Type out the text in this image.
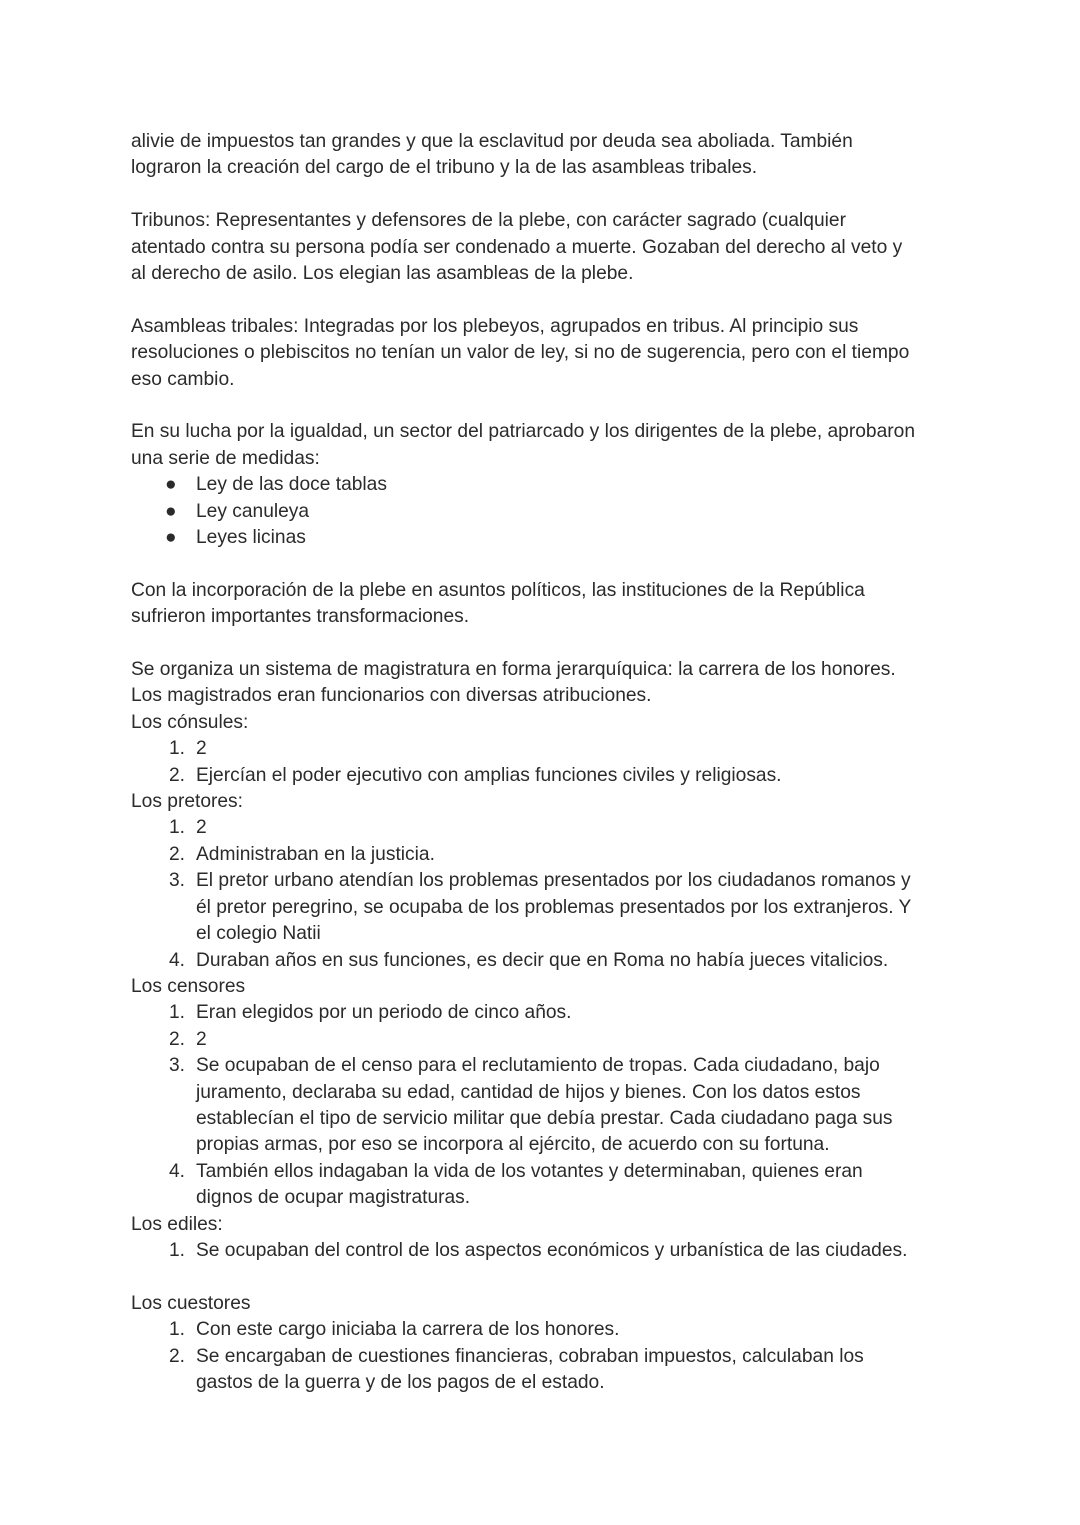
alivie de impuestos tan grandes y que la esclavitud por deuda sea aboliada. También
lograron la creación del cargo de el tribuno y la de las asambleas tribales.

Tribunos: Representantes y defensores de la plebe, con carácter sagrado (cualquier
atentado contra su persona podía ser condenado a muerte. Gozaban del derecho al veto y
al derecho de asilo. Los elegian las asambleas de la plebe.

Asambleas tribales: Integradas por los plebeyos, agrupados en tribus. Al principio sus
resoluciones o plebiscitos no tenían un valor de ley, si no de sugerencia, pero con el tiempo
eso cambio.

En su lucha por la igualdad, un sector del patriarcado y los dirigentes de la plebe, aprobaron
una serie de medidas:

●	Ley de las doce tablas
●	Ley canuleya
●	Leyes licinas

Con la incorporación de la plebe en asuntos políticos, las instituciones de la República
sufrieron importantes transformaciones.

Se organiza un sistema de magistratura en forma jerarquíquica: la carrera de los honores.
Los magistrados eran funcionarios con diversas atribuciones.

Los cónsules:

1. 2
2. Ejercían el poder ejecutivo con amplias funciones civiles y religiosas.

Los pretores:

1. 2
2. Administraban en la justicia.
3. El pretor urbano atendían los problemas presentados por los ciudadanos romanos y
él pretor peregrino, se ocupaba de los problemas presentados por los extranjeros. Y
el colegio Natii
4. Duraban años en sus funciones, es decir que en Roma no había jueces vitalicios.

Los censores

1. Eran elegidos por un periodo de cinco años.
2. 2
3. Se ocupaban de el censo para el reclutamiento de tropas. Cada ciudadano, bajo
juramento, declaraba su edad, cantidad de hijos y bienes. Con los datos estos
establecían el tipo de servicio militar que debía prestar. Cada ciudadano paga sus
propias armas, por eso se incorpora al ejército, de acuerdo con su fortuna.
4. También ellos indagaban la vida de los votantes y determinaban, quienes eran
dignos de ocupar magistraturas.

Los ediles:

1. Se ocupaban del control de los aspectos económicos y urbanística de las ciudades.

Los cuestores

1. Con este cargo iniciaba la carrera de los honores.
2. Se encargaban de cuestiones financieras, cobraban impuestos, calculaban los
gastos de la guerra y de los pagos de el estado.
